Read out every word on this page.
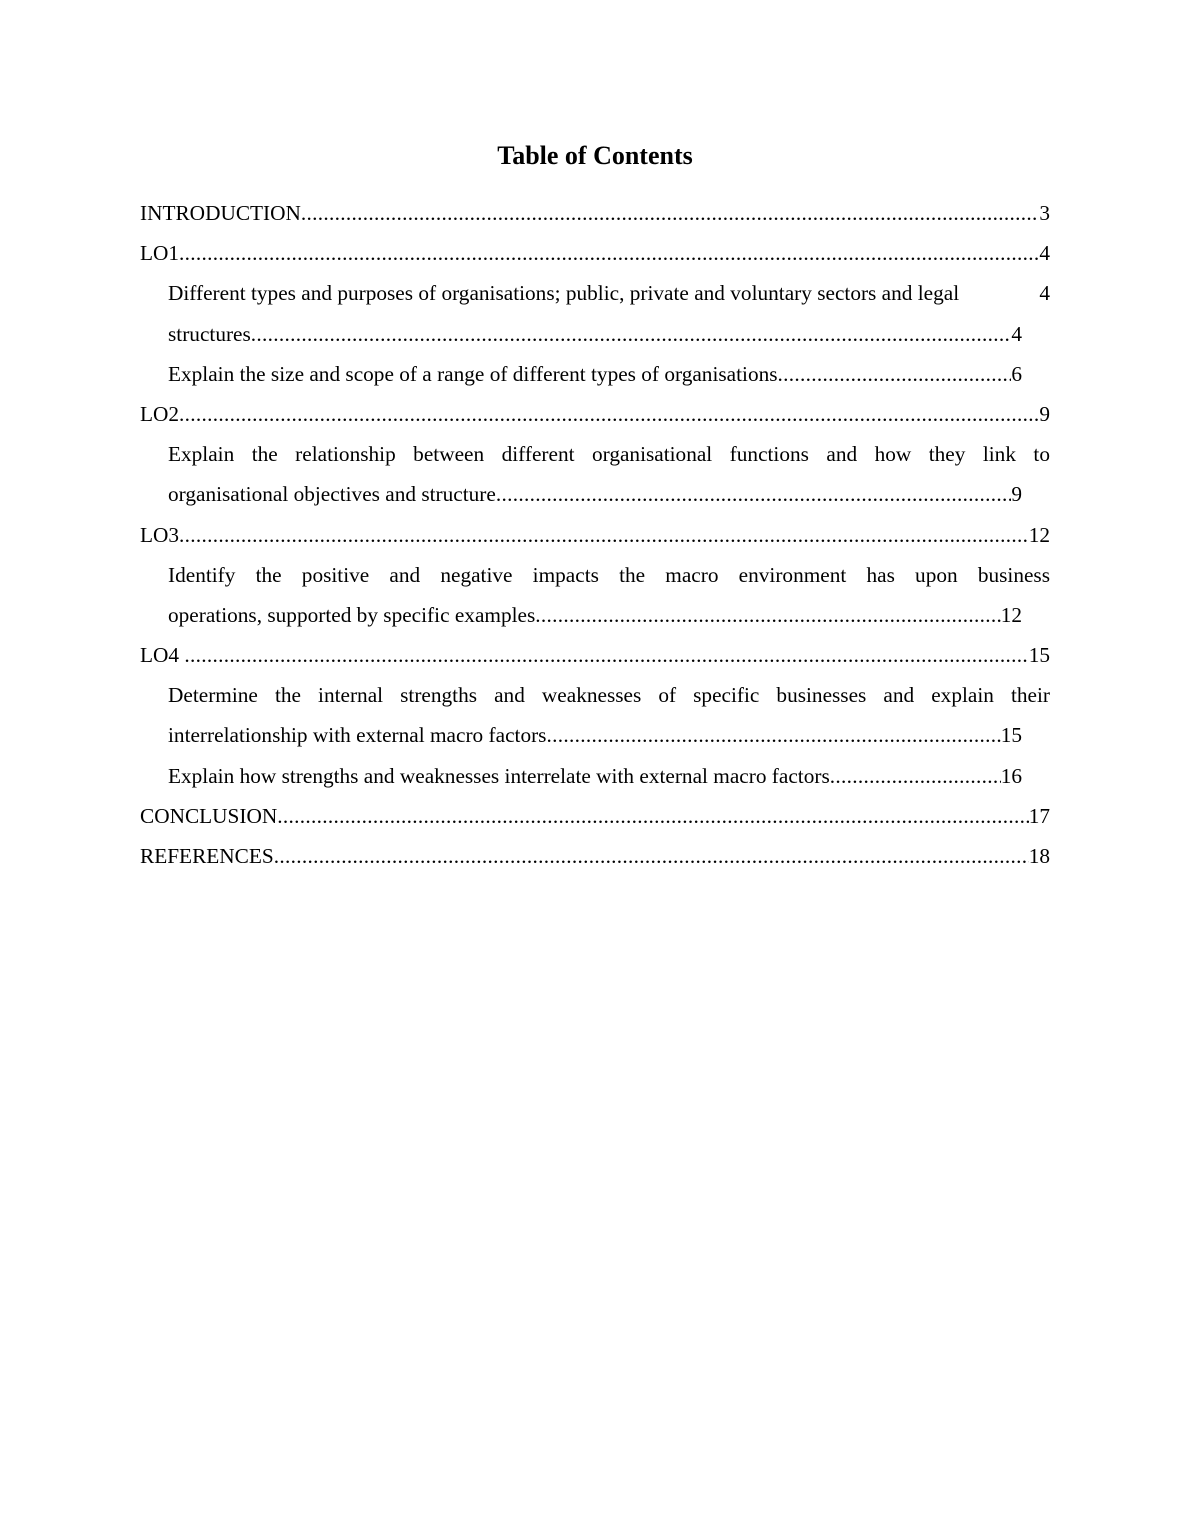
Table of Contents
INTRODUCTION .....	3
LO1 .....	4
Different types and purposes of organisations; public, private and voluntary sectors and legal	4
structures .....	4
Explain the size and scope of a range of different types of organisations .....	6
LO2 .....	9
Explain the relationship between different organisational functions and how they link to
organisational objectives and structure .....	9
LO3 .....	12
Identify the positive and negative impacts the macro environment has upon business
operations, supported by specific examples .....	12
LO4 .....	15
Determine the internal strengths and weaknesses of specific businesses and explain their
interrelationship with external macro factors .....	15
Explain how strengths and weaknesses interrelate with external macro factors .....	16
CONCLUSION .....	17
REFERENCES .....	18
